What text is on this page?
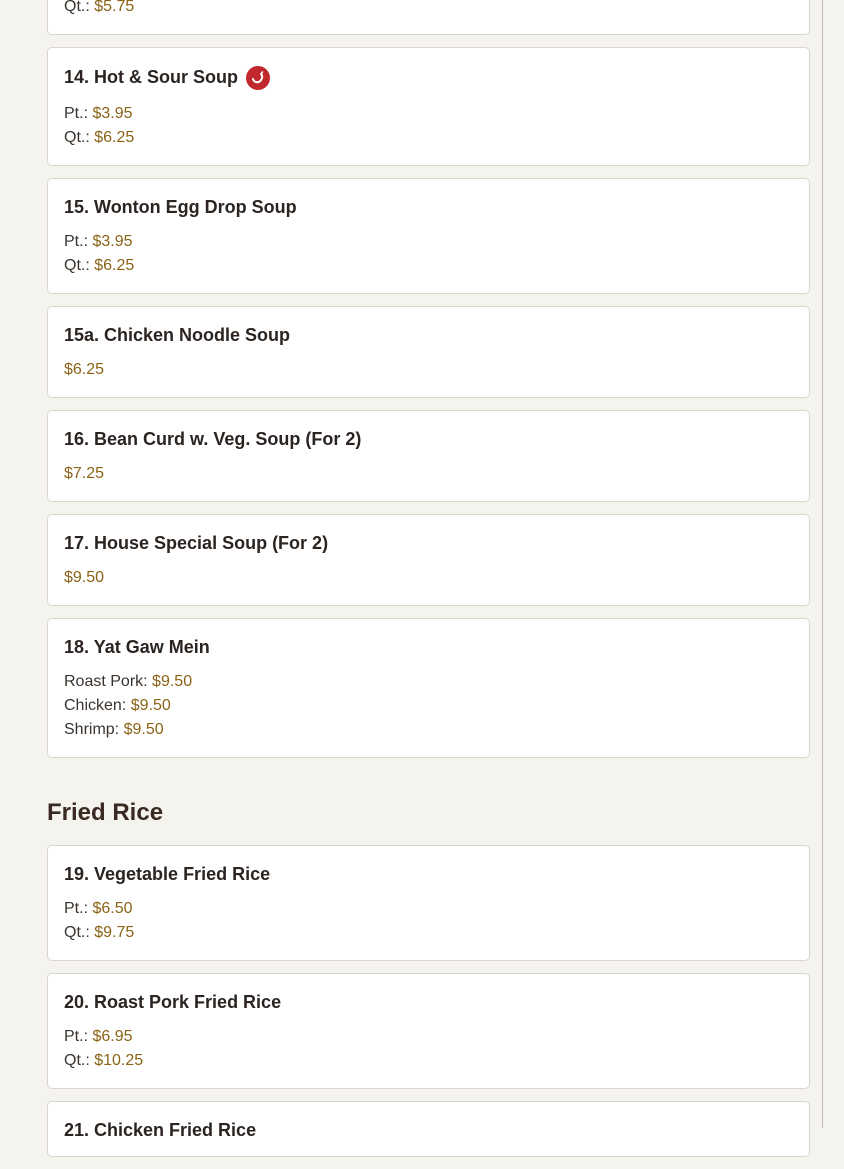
Qt.: $5.75
14. Hot & Sour Soup
Pt.: $3.95
Qt.: $6.25
15. Wonton Egg Drop Soup
Pt.: $3.95
Qt.: $6.25
15a. Chicken Noodle Soup
$6.25
16. Bean Curd w. Veg. Soup (For 2)
$7.25
17. House Special Soup (For 2)
$9.50
18. Yat Gaw Mein
Roast Pork: $9.50
Chicken: $9.50
Shrimp: $9.50
Fried Rice
19. Vegetable Fried Rice
Pt.: $6.50
Qt.: $9.75
20. Roast Pork Fried Rice
Pt.: $6.95
Qt.: $10.25
21. Chicken Fried Rice
